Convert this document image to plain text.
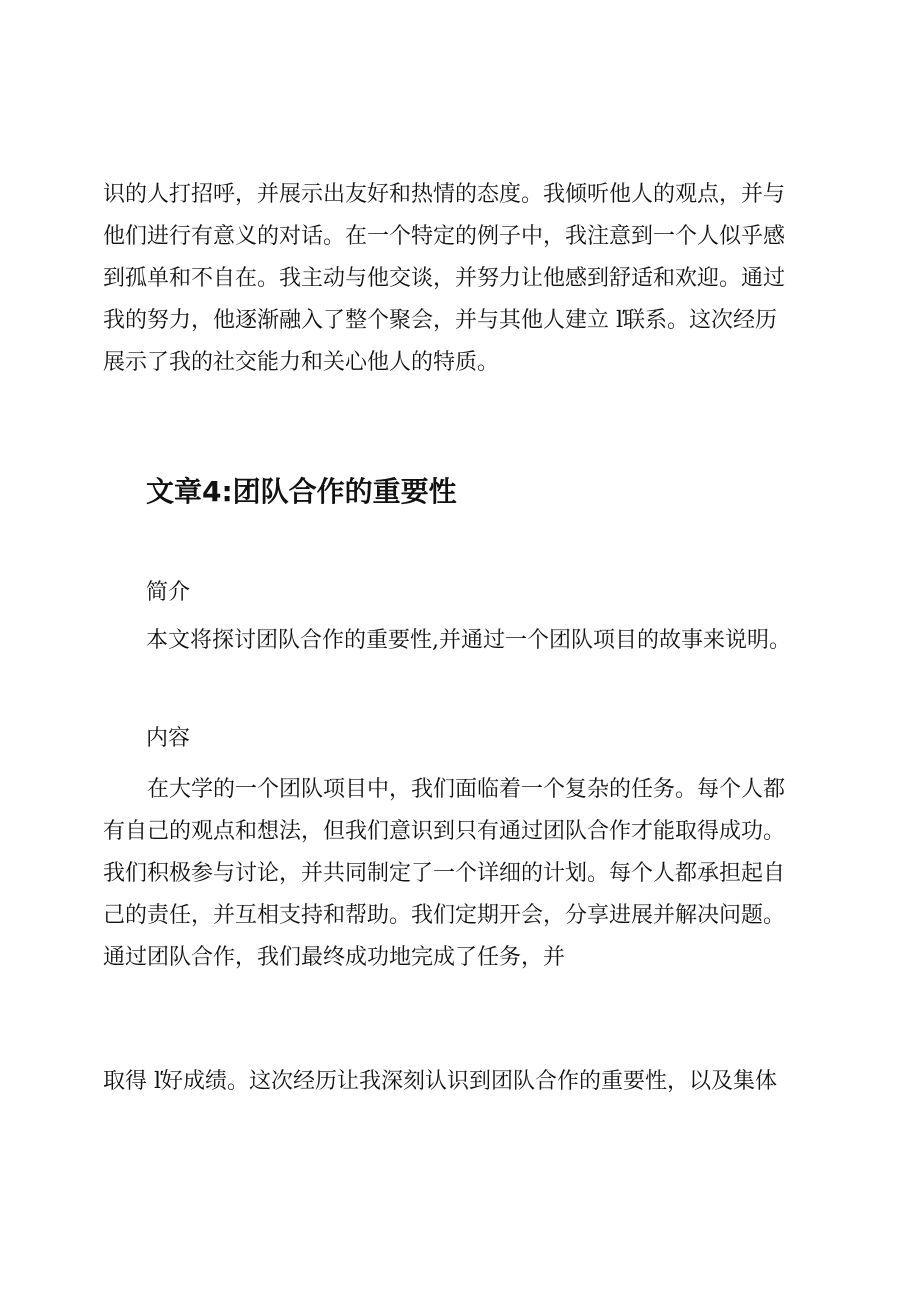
识的人打招呼，并展示出友好和热情的态度。我倾听他人的观点，并与
他们进行有意义的对话。在一个特定的例子中，我注意到一个人似乎感
到孤单和不自在。我主动与他交谈，并努力让他感到舒适和欢迎。通过
我的努力，他逐渐融入了整个聚会，并与其他人建立 ľ联系。这次经历
展示了我的社交能力和关心他人的特质。
文章4:团队合作的重要性
简介
本文将探讨团队合作的重要性,并通过一个团队项目的故事来说明。
内容
在大学的一个团队项目中，我们面临着一个复杂的任务。每个人都
有自己的观点和想法，但我们意识到只有通过团队合作才能取得成功。
我们积极参与讨论，并共同制定了一个详细的计划。每个人都承担起自
己的责任，并互相支持和帮助。我们定期开会，分享进展并解决问题。
通过团队合作，我们最终成功地完成了任务，并
取得 ľ好成绩。这次经历让我深刻认识到团队合作的重要性，以及集体
